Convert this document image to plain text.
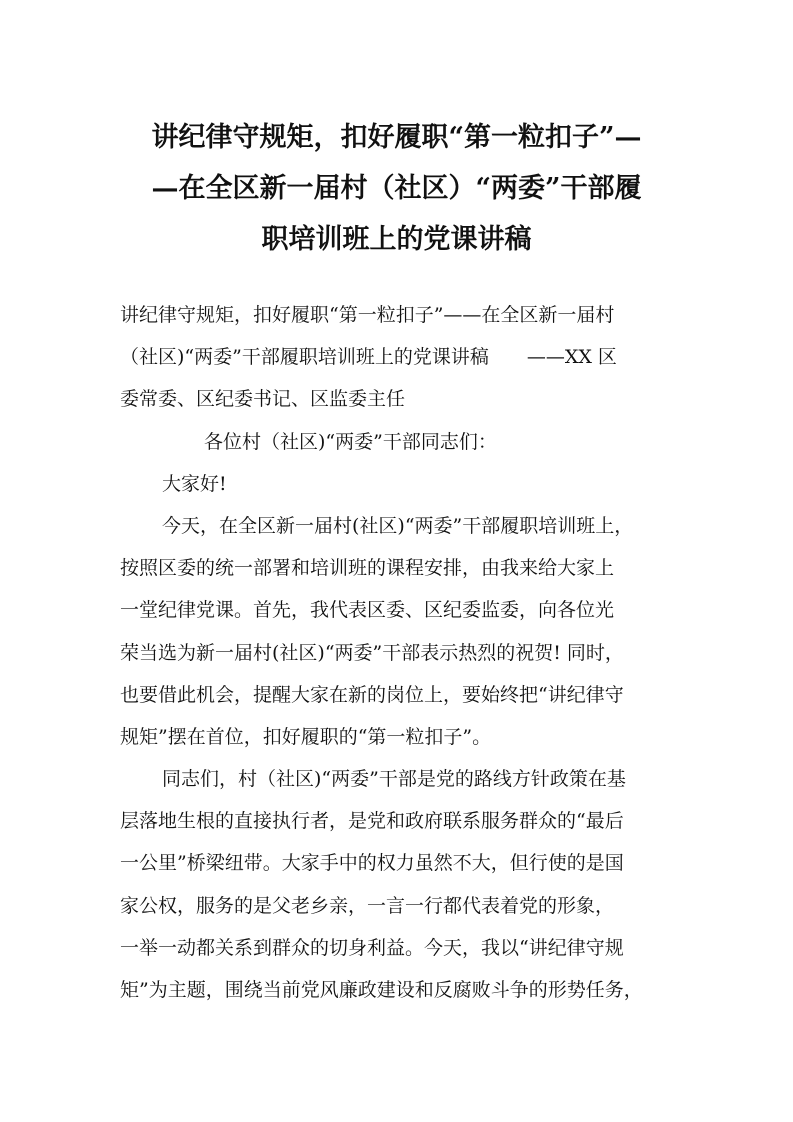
讲纪律守规矩，扣好履职“第一粒扣子”—
—在全区新一届村（社区）“两委”干部履
职培训班上的党课讲稿
讲纪律守规矩，扣好履职“第一粒扣子”——在全区新一届村
（社区)“两委”干部履职培训班上的党课讲稿　　——XX 区
委常委、区纪委书记、区监委主任
各位村（社区)“两委”干部同志们：
大家好!
今天，在全区新一届村(社区)“两委”干部履职培训班上，
按照区委的统一部署和培训班的课程安排，由我来给大家上
一堂纪律党课。首先，我代表区委、区纪委监委，向各位光
荣当选为新一届村(社区)“两委”干部表示热烈的祝贺! 同时，
也要借此机会，提醒大家在新的岗位上，要始终把“讲纪律守
规矩”摆在首位，扣好履职的“第一粒扣子”。
同志们，村（社区)“两委”干部是党的路线方针政策在基
层落地生根的直接执行者，是党和政府联系服务群众的“最后
一公里”桥梁纽带。大家手中的权力虽然不大，但行使的是国
家公权，服务的是父老乡亲，一言一行都代表着党的形象，
一举一动都关系到群众的切身利益。今天，我以“讲纪律守规
矩”为主题，围绕当前党风廉政建设和反腐败斗争的形势任务，
